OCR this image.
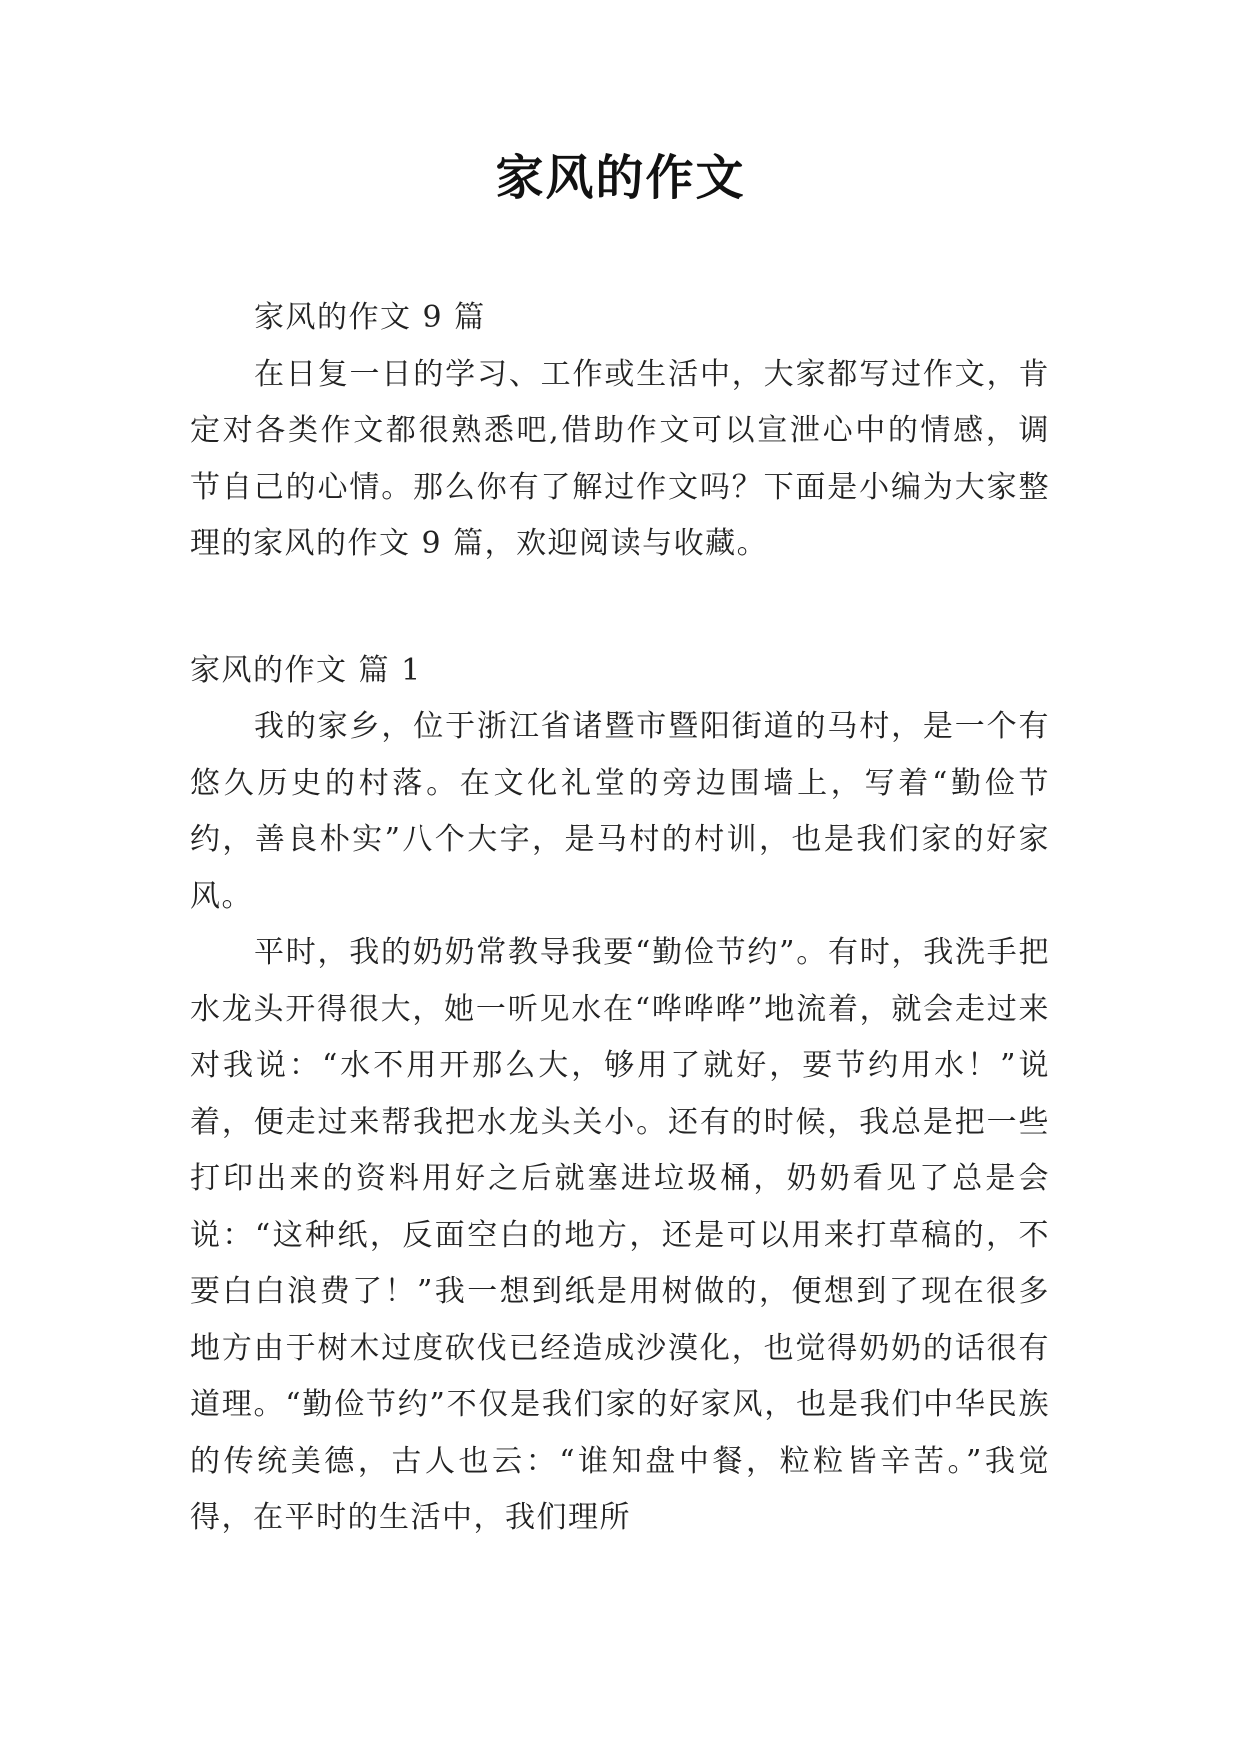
家风的作文

家风的作文 9 篇

在日复一日的学习、工作或生活中，大家都写过作文，肯定对各类作文都很熟悉吧,借助作文可以宣泄心中的情感，调节自己的心情。那么你有了解过作文吗？下面是小编为大家整理的家风的作文 9 篇，欢迎阅读与收藏。

家风的作文 篇 1

我的家乡，位于浙江省诸暨市暨阳街道的马村，是一个有悠久历史的村落。在文化礼堂的旁边围墙上，写着“勤俭节约，善良朴实”八个大字，是马村的村训，也是我们家的好家风。

平时，我的奶奶常教导我要“勤俭节约”。有时，我洗手把水龙头开得很大，她一听见水在“哗哗哗”地流着，就会走过来对我说：“水不用开那么大，够用了就好，要节约用水！”说着，便走过来帮我把水龙头关小。还有的时候，我总是把一些打印出来的资料用好之后就塞进垃圾桶，奶奶看见了总是会说：“这种纸，反面空白的地方，还是可以用来打草稿的，不要白白浪费了！”我一想到纸是用树做的，便想到了现在很多地方由于树木过度砍伐已经造成沙漠化，也觉得奶奶的话很有道理。“勤俭节约”不仅是我们家的好家风，也是我们中华民族的传统美德，古人也云：“谁知盘中餐，粒粒皆辛苦。”我觉得，在平时的生活中，我们理所
